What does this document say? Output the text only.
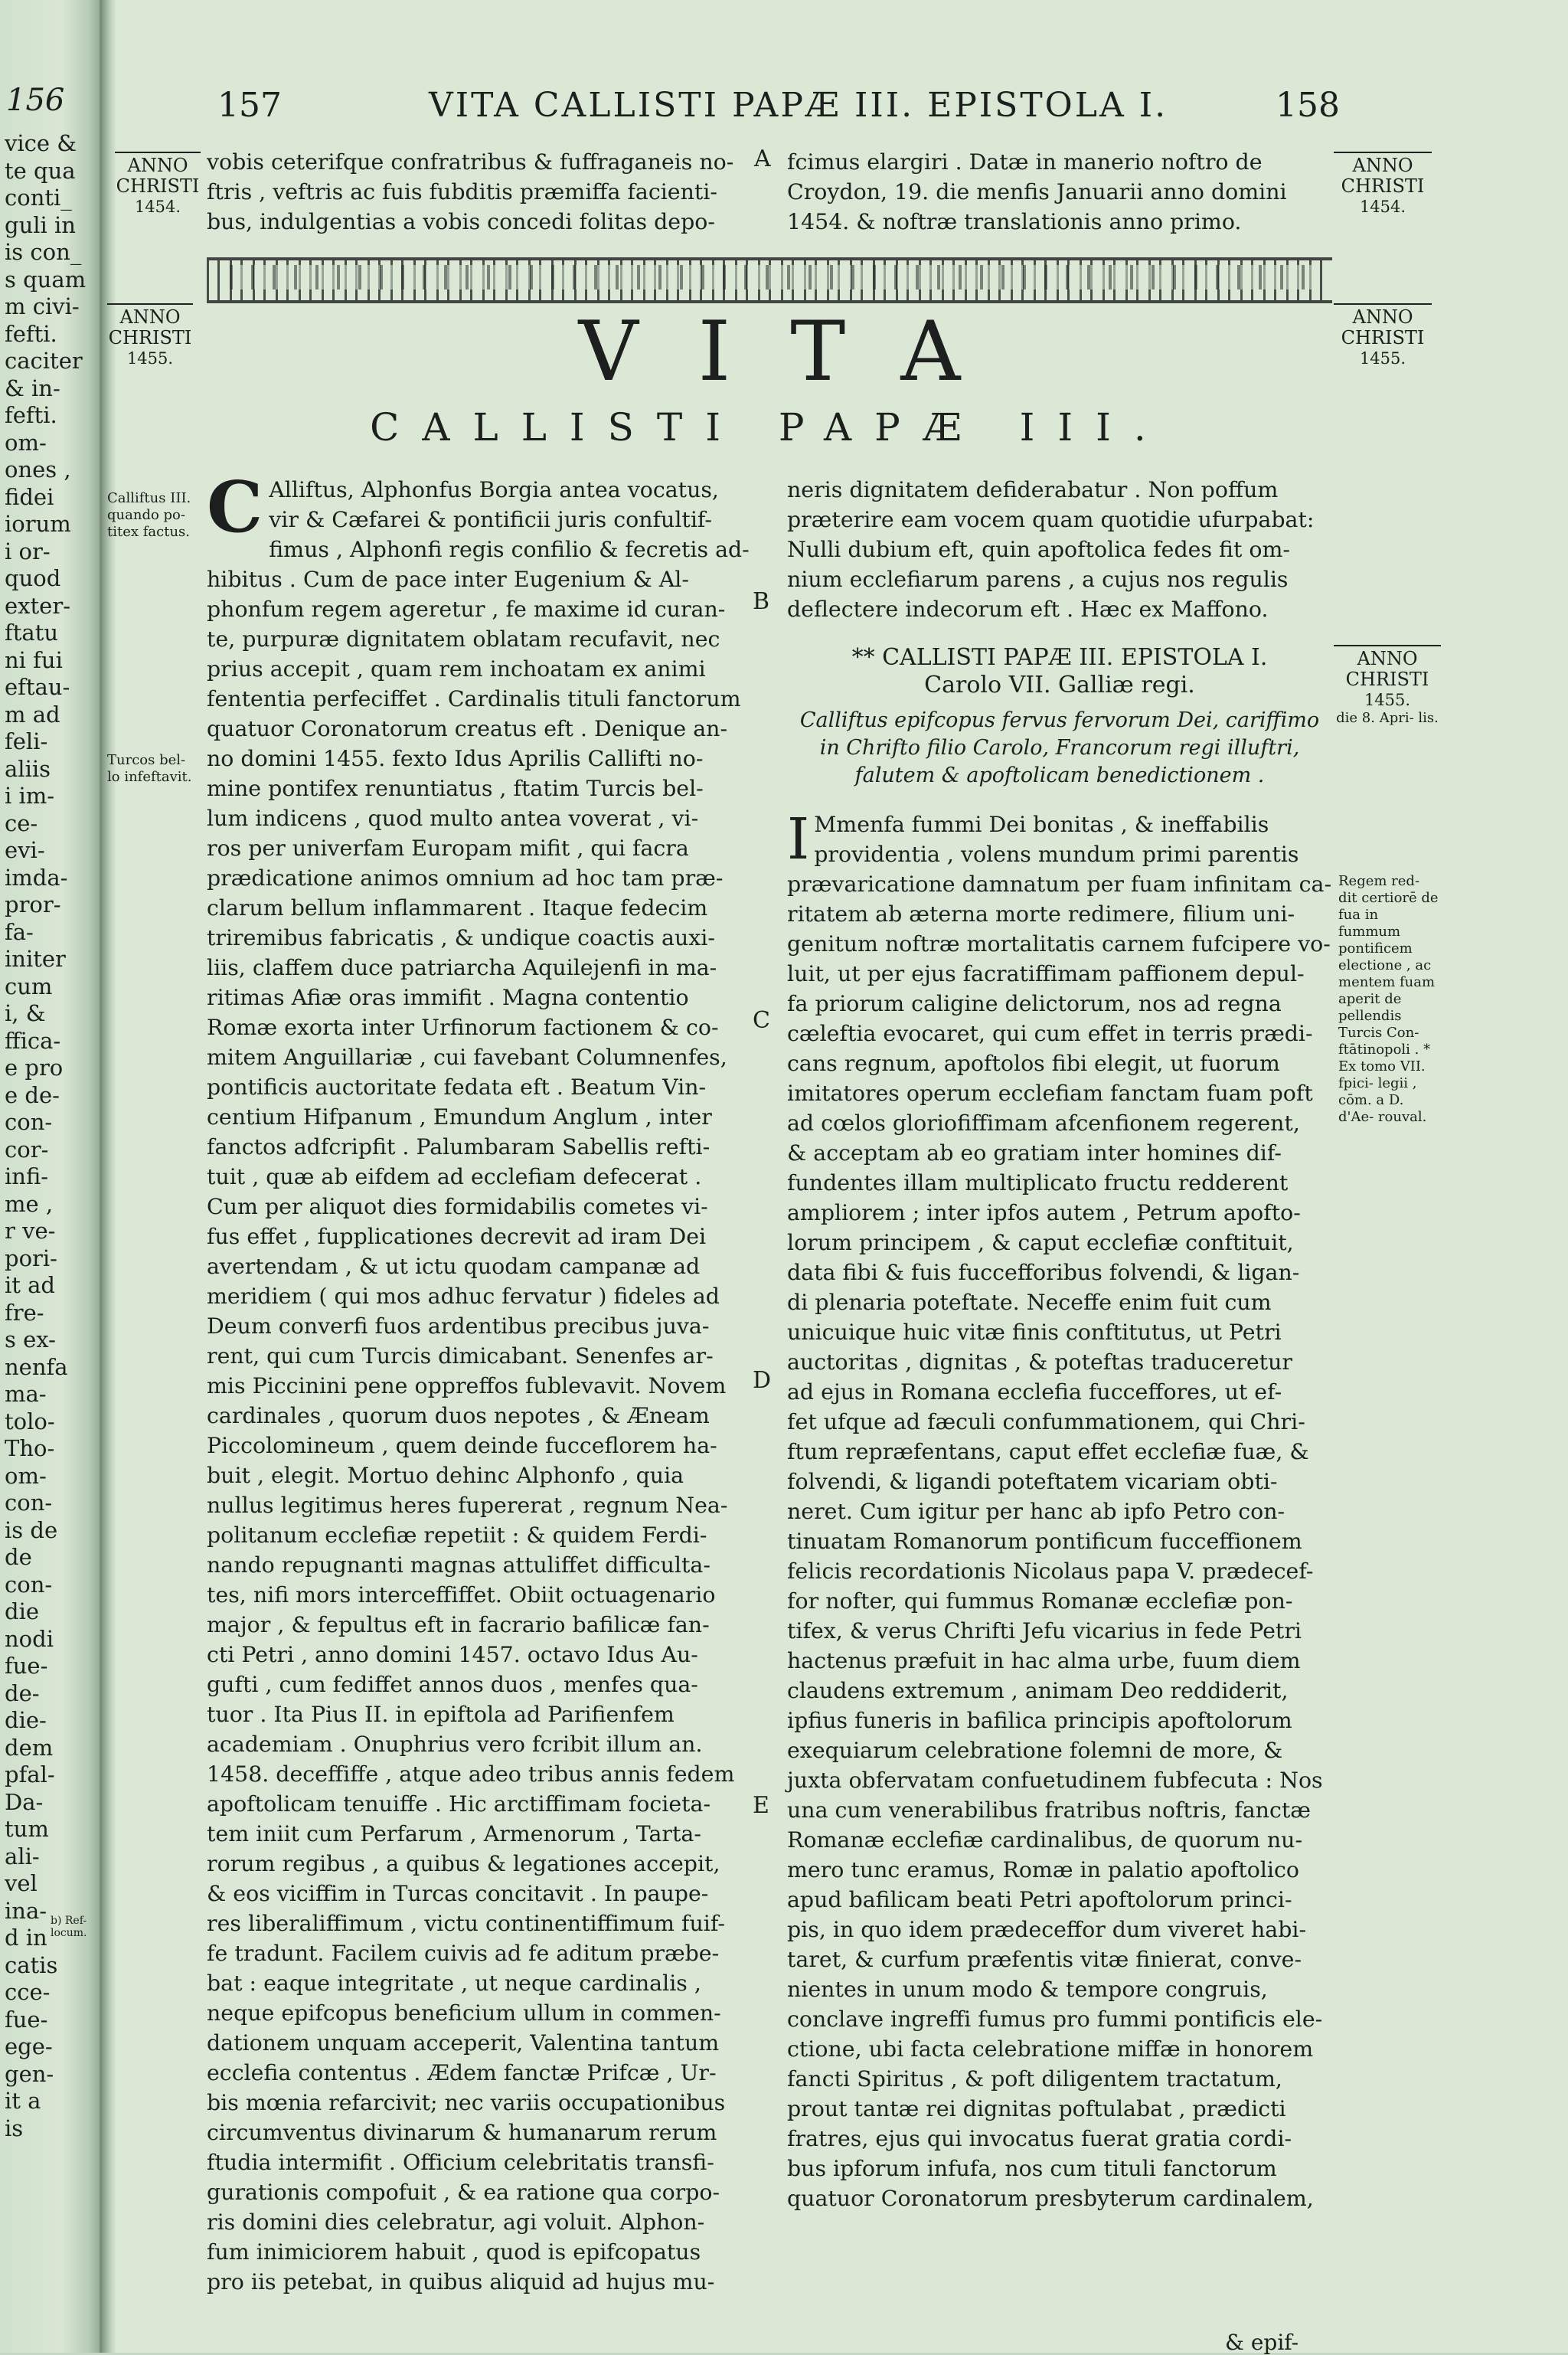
156
vice &
te qua
conti_
guli in
is con_
s quam
m civi-
fefti.
caciter
& in-
fefti.
om-
ones ,
fidei
iorum
i or-
quod
exter-
ftatu
ni fui
eftau-
m ad
feli-
aliis
i im-
ce-
evi-
imda-
pror-
fa-
initer
cum
i, &
ffica-
e pro
e de-
con-
cor-
infi-
me ,
r ve-
pori-
it ad
fre-
s ex-
nenfa
ma-
tolo-
Tho-
om-
con-
is de
de
con-
die
nodi
fue-
de-
die-
dem
pfal-
Da-
tum
ali-
vel
ina-
d in
catis
cce-
fue-
ege-
gen-
it a
is
157	VITA CALLISTI PAPÆ III. EPISTOLA I.	158
ANNO
CHRISTI
1454.
ANNO
CHRISTI
1454.
ANNO
CHRISTI
1455.
ANNO
CHRISTI
1455.
ANNO
CHRISTI
1455.
die 8. Apri- lis.
vobis ceterifque confratribus & fuffraganeis no-
ftris , veftris ac fuis fubditis præmiffa facienti-
bus, indulgentias a vobis concedi folitas depo-
fcimus elargiri . Datæ in manerio noftro de
Croydon, 19. die menfis Januarii anno domini
1454. & noftræ translationis anno primo.
A
VITA
CALLISTI PAPÆ III.
C Alliftus, Alphonfus Borgia antea vocatus,
vir & Cæfarei & pontificii juris confultif-
fimus , Alphonfi regis confilio & fecretis ad-
hibitus . Cum de pace inter Eugenium & Al-
phonfum regem ageretur , fe maxime id curan-
te, purpuræ dignitatem oblatam recufavit, nec
prius accepit , quam rem inchoatam ex animi
fententia perfeciffet . Cardinalis tituli fanctorum
quatuor Coronatorum creatus eft . Denique an-
no domini 1455. fexto Idus Aprilis Callifti no-
mine pontifex renuntiatus , ftatim Turcis bel-
lum indicens , quod multo antea voverat , vi-
ros per univerfam Europam mifit , qui facra
prædicatione animos omnium ad hoc tam præ-
clarum bellum inflammarent . Itaque fedecim
triremibus fabricatis , & undique coactis auxi-
liis, claffem duce patriarcha Aquilejenfi in ma-
ritimas Afiæ oras immifit . Magna contentio
Romæ exorta inter Urfinorum factionem & co-
mitem Anguillariæ , cui favebant Columnenfes,
pontificis auctoritate fedata eft . Beatum Vin-
centium Hifpanum , Emundum Anglum , inter
fanctos adfcripfit . Palumbaram Sabellis refti-
tuit , quæ ab eifdem ad ecclefiam defecerat .
Cum per aliquot dies formidabilis cometes vi-
fus effet , fupplicationes decrevit ad iram Dei
avertendam , & ut ictu quodam campanæ ad
meridiem ( qui mos adhuc fervatur ) fideles ad
Deum converfi fuos ardentibus precibus juva-
rent, qui cum Turcis dimicabant. Senenfes ar-
mis Piccinini pene oppreffos fublevavit. Novem
cardinales , quorum duos nepotes , & Æneam
Piccolomineum , quem deinde fucceflorem ha-
buit , elegit. Mortuo dehinc Alphonfo , quia
nullus legitimus heres fupererat , regnum Nea-
politanum ecclefiæ repetiit : & quidem Ferdi-
nando repugnanti magnas attuliffet difficulta-
tes, nifi mors interceffiffet. Obiit octuagenario
major , & fepultus eft in facrario bafilicæ fan-
cti Petri , anno domini 1457. octavo Idus Au-
gufti , cum fediffet annos duos , menfes qua-
tuor . Ita Pius II. in epiftola ad Parifienfem
academiam . Onuphrius vero fcribit illum an.
1458. deceffiffe , atque adeo tribus annis fedem
apoftolicam tenuiffe . Hic arctiffimam focieta-
tem iniit cum Perfarum , Armenorum , Tarta-
rorum regibus , a quibus & legationes accepit,
& eos viciffim in Turcas concitavit . In paupe-
res liberaliffimum , victu continentiffimum fuif-
fe tradunt. Facilem cuivis ad fe aditum præbe-
bat : eaque integritate , ut neque cardinalis ,
neque epifcopus beneficium ullum in commen-
dationem unquam acceperit, Valentina tantum
ecclefia contentus . Ædem fanctæ Prifcæ , Ur-
bis mœnia refarcivit; nec variis occupationibus
circumventus divinarum & humanarum rerum
ftudia intermifit . Officium celebritatis transfi-
gurationis compofuit , & ea ratione qua corpo-
ris domini dies celebratur, agi voluit. Alphon-
fum inimiciorem habuit , quod is epifcopatus
pro iis petebat, in quibus aliquid ad hujus mu-
neris dignitatem defiderabatur . Non poffum
præterire eam vocem quam quotidie ufurpabat:
Nulli dubium eft, quin apoftolica fedes fit om-
nium ecclefiarum parens , a cujus nos regulis
deflectere indecorum eft . Hæc ex Maffono.
** CALLISTI PAPÆ III. EPISTOLA I.
Carolo VII. Galliæ regi.
Calliftus epifcopus fervus fervorum Dei, cariffimo in Chrifto filio Carolo, Francorum regi illuftri, falutem & apoftolicam benedictionem .
I Mmenfa fummi Dei bonitas , & ineffabilis
providentia , volens mundum primi parentis
prævaricatione damnatum per fuam infinitam ca-
ritatem ab æterna morte redimere, filium uni-
genitum noftræ mortalitatis carnem fufcipere vo-
luit, ut per ejus facratiffimam paffionem depul-
fa priorum caligine delictorum, nos ad regna
cæleftia evocaret, qui cum effet in terris prædi-
cans regnum, apoftolos fibi elegit, ut fuorum
imitatores operum ecclefiam fanctam fuam poft
ad cœlos gloriofiffimam afcenfionem regerent,
& acceptam ab eo gratiam inter homines dif-
fundentes illam multiplicato fructu redderent
ampliorem ; inter ipfos autem , Petrum apofto-
lorum principem , & caput ecclefiæ conftituit,
data fibi & fuis fuccefforibus folvendi, & ligan-
di plenaria poteftate. Neceffe enim fuit cum
unicuique huic vitæ finis conftitutus, ut Petri
auctoritas , dignitas , & poteftas traduceretur
ad ejus in Romana ecclefia fucceffores, ut ef-
fet ufque ad fæculi confummationem, qui Chri-
ftum repræfentans, caput effet ecclefiæ fuæ, &
folvendi, & ligandi poteftatem vicariam obti-
neret. Cum igitur per hanc ab ipfo Petro con-
tinuatam Romanorum pontificum fucceffionem
felicis recordationis Nicolaus papa V. prædecef-
for nofter, qui fummus Romanæ ecclefiæ pon-
tifex, & verus Chrifti Jefu vicarius in fede Petri
hactenus præfuit in hac alma urbe, fuum diem
claudens extremum , animam Deo reddiderit,
ipfius funeris in bafilica principis apoftolorum
exequiarum celebratione folemni de more, &
juxta obfervatam confuetudinem fubfecuta : Nos
una cum venerabilibus fratribus noftris, fanctæ
Romanæ ecclefiæ cardinalibus, de quorum nu-
mero tunc eramus, Romæ in palatio apoftolico
apud bafilicam beati Petri apoftolorum princi-
pis, in quo idem prædeceffor dum viveret habi-
taret, & curfum præfentis vitæ finierat, conve-
nientes in unum modo & tempore congruis,
conclave ingreffi fumus pro fummi pontificis ele-
ctione, ubi facta celebratione miffæ in honorem
fancti Spiritus , & poft diligentem tractatum,
prout tantæ rei dignitas poftulabat , prædicti
fratres, ejus qui invocatus fuerat gratia cordi-
bus ipforum infufa, nos cum tituli fanctorum
quatuor Coronatorum presbyterum cardinalem,
B
C
D
E
Calliftus III. quando po- titex factus.
Turcos bel- lo infeftavit.
Regem red- dit certiorē de fua in fummum pontificem electione , ac mentem fuam aperit de pellendis Turcis Con- ftātinopoli . * Ex tomo VII. fpici- legii , cōm. a D. d'Ae- rouval.
b) Ref- locum.
& epif-
